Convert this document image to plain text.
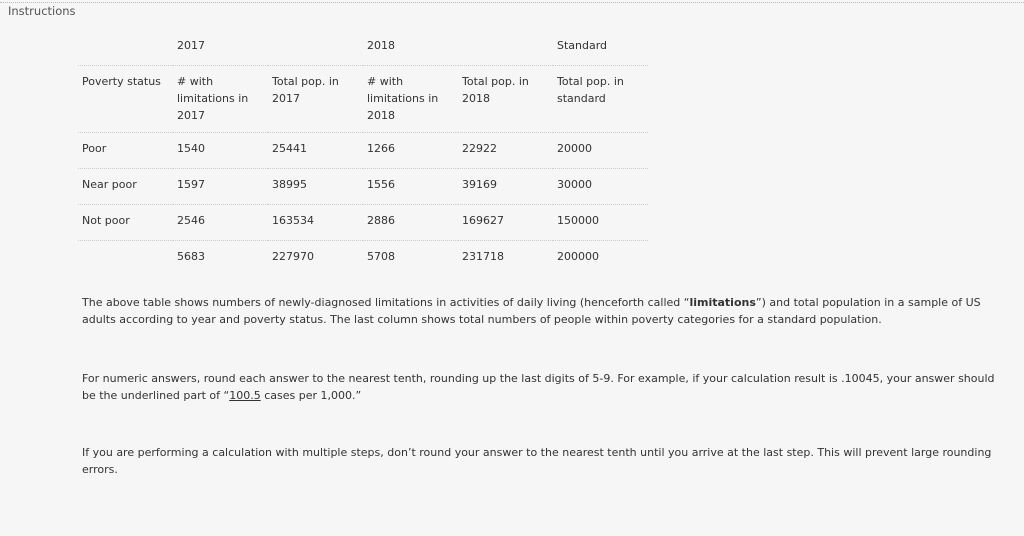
Instructions
	2017		2018		Standard
Poverty status	# with limitations in 2017	Total pop. in 2017	# with limitations in 2018	Total pop. in 2018	Total pop. in standard
Poor	1540	25441	1266	22922	20000
Near poor	1597	38995	1556	39169	30000
Not poor	2546	163534	2886	169627	150000
	5683	227970	5708	231718	200000

The above table shows numbers of newly-diagnosed limitations in activities of daily living (henceforth called “limitations”) and total population in a sample of US adults according to year and poverty status. The last column shows total numbers of people within poverty categories for a standard population.

For numeric answers, round each answer to the nearest tenth, rounding up the last digits of 5-9. For example, if your calculation result is .10045, your answer should be the underlined part of “100.5 cases per 1,000.”

If you are performing a calculation with multiple steps, don’t round your answer to the nearest tenth until you arrive at the last step. This will prevent large rounding errors.
